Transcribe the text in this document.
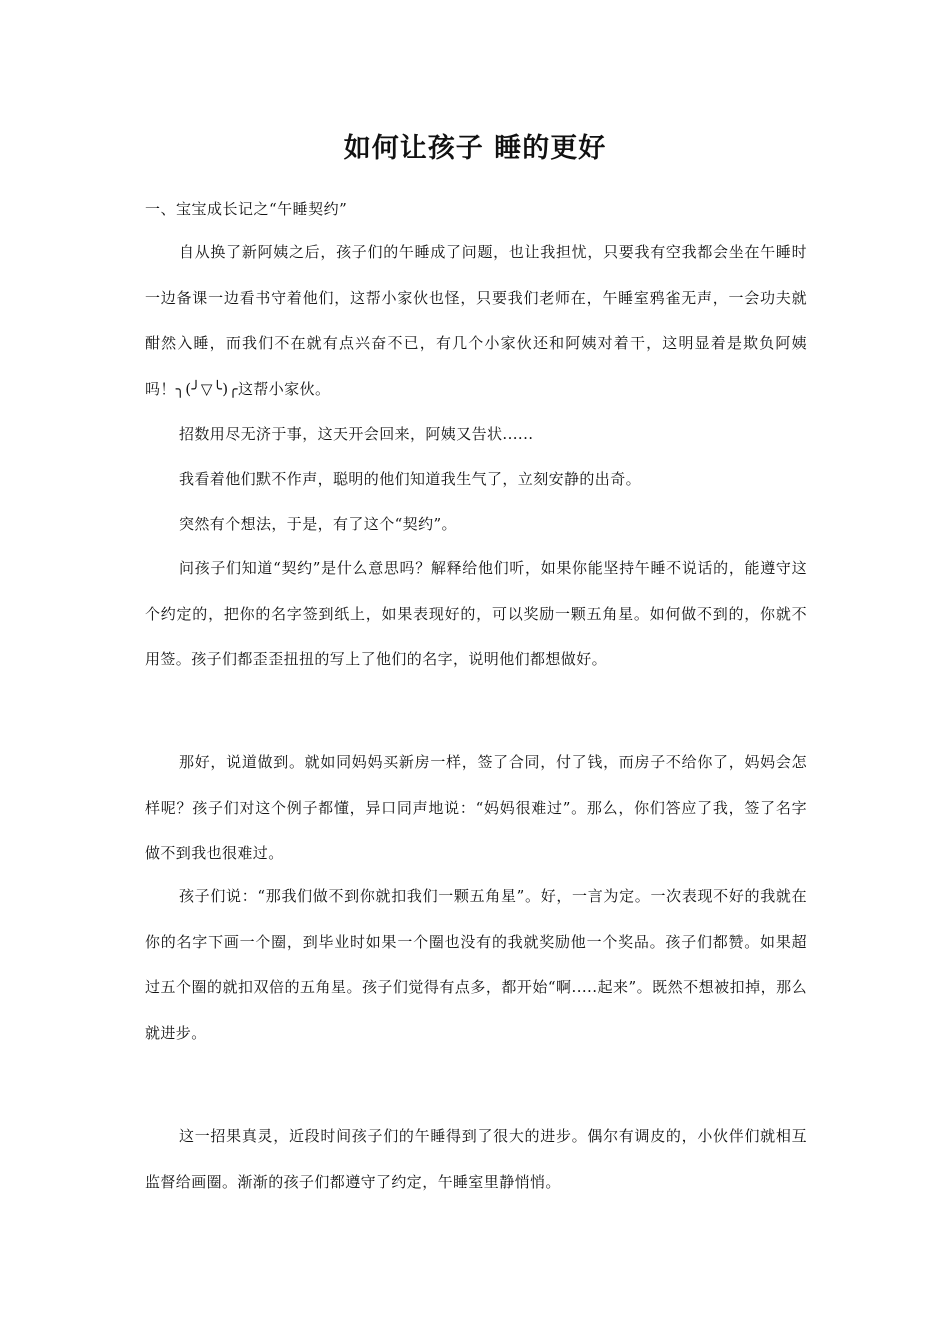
如何让孩子 睡的更好

一、宝宝成长记之“午睡契约”

自从换了新阿姨之后，孩子们的午睡成了问题，也让我担忧，只要我有空我都会坐在午睡时一边备课一边看书守着他们，这帮小家伙也怪，只要我们老师在，午睡室鸦雀无声，一会功夫就酣然入睡，而我们不在就有点兴奋不已，有几个小家伙还和阿姨对着干，这明显着是欺负阿姨吗！╮(╯▽╰)╭这帮小家伙。

招数用尽无济于事，这天开会回来，阿姨又告状......

我看着他们默不作声，聪明的他们知道我生气了，立刻安静的出奇。

突然有个想法，于是，有了这个“契约”。

问孩子们知道“契约”是什么意思吗？解释给他们听，如果你能坚持午睡不说话的，能遵守这个约定的，把你的名字签到纸上，如果表现好的，可以奖励一颗五角星。如何做不到的，你就不用签。孩子们都歪歪扭扭的写上了他们的名字，说明他们都想做好。

那好，说道做到。就如同妈妈买新房一样，签了合同，付了钱，而房子不给你了，妈妈会怎样呢？孩子们对这个例子都懂，异口同声地说：“妈妈很难过”。那么，你们答应了我，签了名字做不到我也很难过。

孩子们说：“那我们做不到你就扣我们一颗五角星”。好，一言为定。一次表现不好的我就在你的名字下画一个圈，到毕业时如果一个圈也没有的我就奖励他一个奖品。孩子们都赞。如果超过五个圈的就扣双倍的五角星。孩子们觉得有点多，都开始“啊.....起来”。既然不想被扣掉，那么就进步。

这一招果真灵，近段时间孩子们的午睡得到了很大的进步。偶尔有调皮的，小伙伴们就相互监督给画圈。渐渐的孩子们都遵守了约定，午睡室里静悄悄。
